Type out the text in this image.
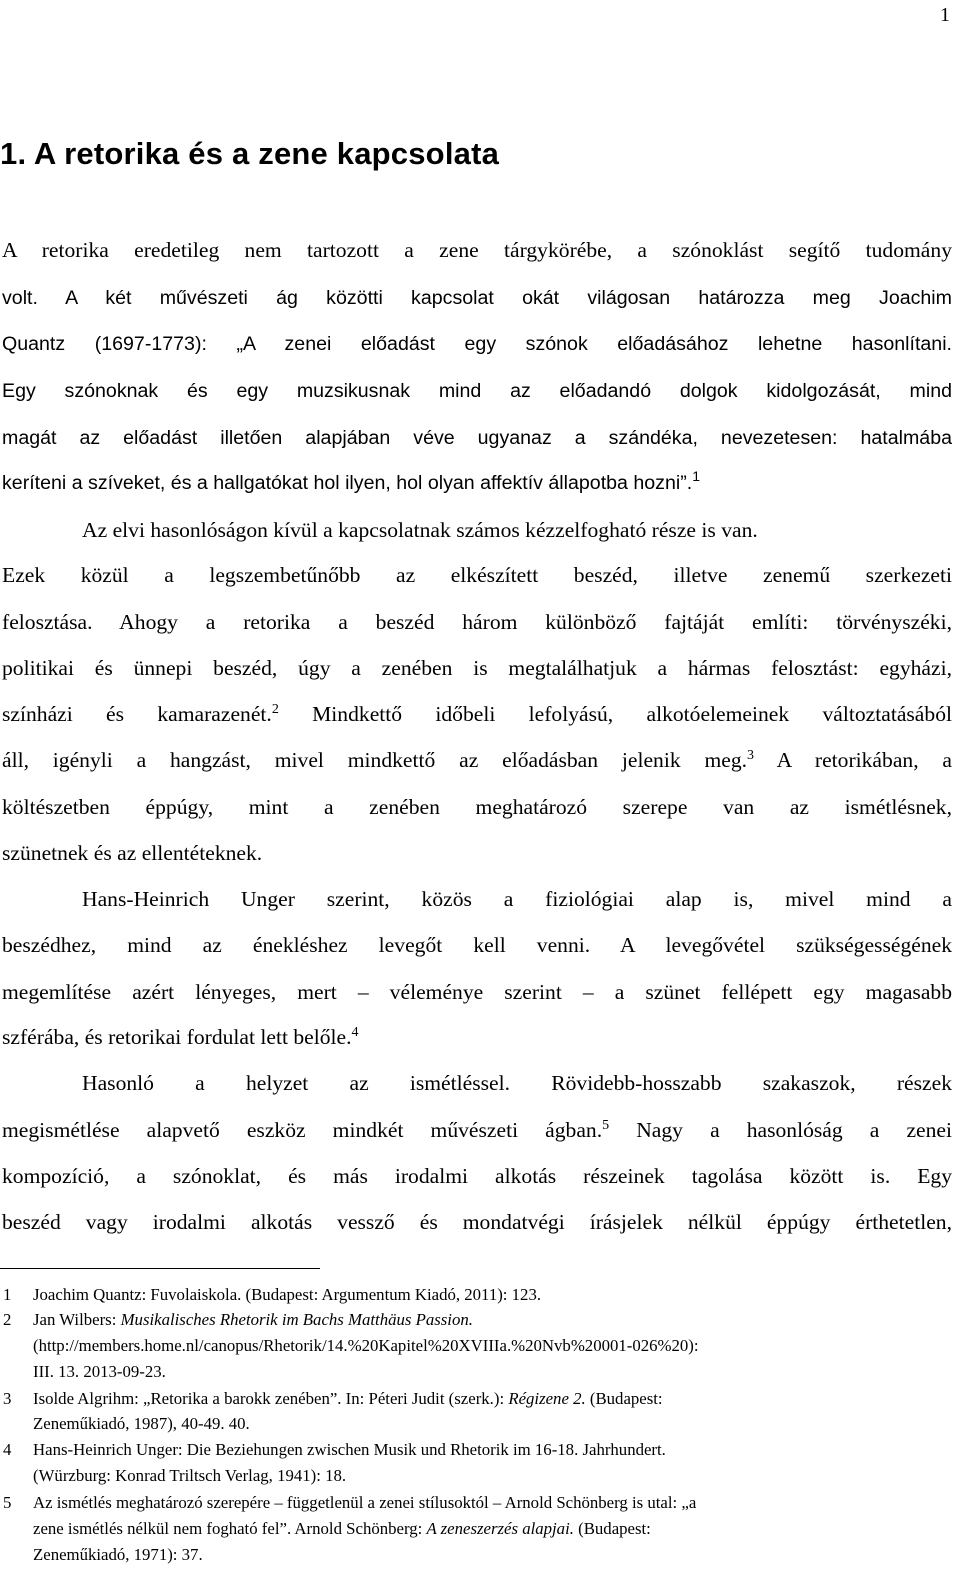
1
1. A retorika és a zene kapcsolata
A retorika eredetileg nem tartozott a zene tárgykörébe, a szónoklást segítő tudomány
volt. A két művészeti ág közötti kapcsolat okát világosan határozza meg Joachim
Quantz (1697-1773): „A zenei előadást egy szónok előadásához lehetne hasonlítani.
Egy szónoknak és egy muzsikusnak mind az előadandó dolgok kidolgozását, mind
magát az előadást illetően alapjában véve ugyanaz a szándéka, nevezetesen: hatalmába
keríteni a szíveket, és a hallgatókat hol ilyen, hol olyan affektív állapotba hozni”.$^1$
Az elvi hasonlóságon kívül a kapcsolatnak számos kézzelfogható része is van.
Ezek közül a legszembetűnőbb az elkészített beszéd, illetve zenemű szerkezeti
felosztása. Ahogy a retorika a beszéd három különböző fajtáját említi: törvényszéki,
politikai és ünnepi beszéd, úgy a zenében is megtalálhatjuk a hármas felosztást: egyházi,
színházi és kamarazenét.$^2$ Mindkettő időbeli lefolyású, alkotóelemeinek változtatásából
áll, igényli a hangzást, mivel mindkettő az előadásban jelenik meg.$^3$ A retorikában, a
költészetben éppúgy, mint a zenében meghatározó szerepe van az ismétlésnek,
szünetnek és az ellentéteknek.
Hans-Heinrich Unger szerint, közös a fiziológiai alap is, mivel mind a
beszédhez, mind az énekléshez levegőt kell venni. A levegővétel szükségességének
megemlítése azért lényeges, mert – véleménye szerint – a szünet fellépett egy magasabb
szférába, és retorikai fordulat lett belőle.$^4$
Hasonló a helyzet az ismétléssel. Rövidebb-hosszabb szakaszok, részek
megismétlése alapvető eszköz mindkét művészeti ágban.$^5$ Nagy a hasonlóság a zenei
kompozíció, a szónoklat, és más irodalmi alkotás részeinek tagolása között is. Egy
beszéd vagy irodalmi alkotás vessző és mondatvégi írásjelek nélkül éppúgy érthetetlen,
1 Joachim Quantz: Fuvolaiskola. (Budapest: Argumentum Kiadó, 2011): 123.
2 Jan Wilbers: Musikalisches Rhetorik im Bachs Matthäus Passion.
(http://members.home.nl/canopus/Rhetorik/14.%20Kapitel%20XVIIIa.%20Nvb%20001-026%20):
III. 13. 2013-09-23.
3 Isolde Algrihm: „Retorika a barokk zenében”. In: Péteri Judit (szerk.): Régizene 2. (Budapest:
Zeneműkiadó, 1987), 40-49. 40.
4 Hans-Heinrich Unger: Die Beziehungen zwischen Musik und Rhetorik im 16-18. Jahrhundert.
(Würzburg: Konrad Triltsch Verlag, 1941): 18.
5 Az ismétlés meghatározó szerepére – függetlenül a zenei stílusoktól – Arnold Schönberg is utal: „a
zene ismétlés nélkül nem fogható fel”. Arnold Schönberg: A zeneszerzés alapjai. (Budapest:
Zeneműkiadó, 1971): 37.
